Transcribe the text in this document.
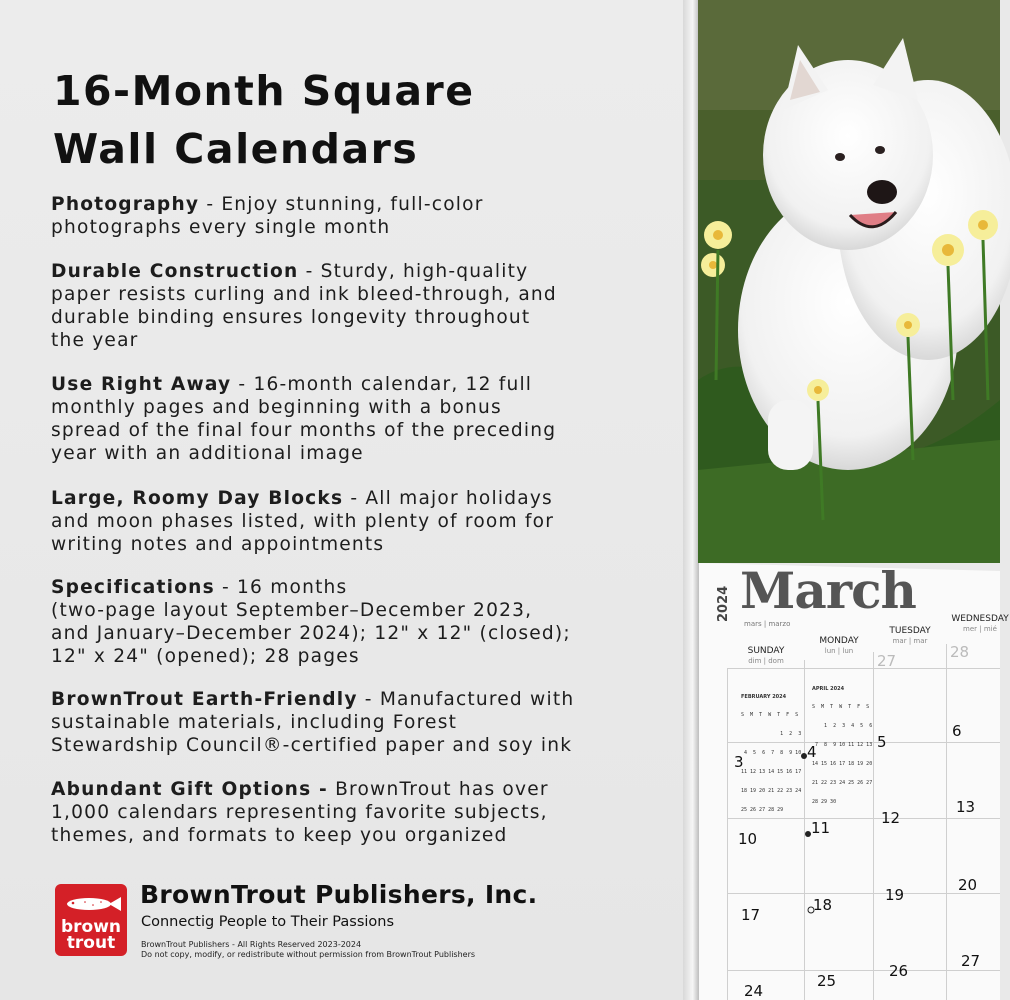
16-Month Square
Wall Calendars
Photography - Enjoy stunning, full-color
photographs every single month
Durable Construction - Sturdy, high-quality
paper resists curling and ink bleed-through, and
durable binding ensures longevity throughout
the year
Use Right Away - 16-month calendar, 12 full
monthly pages and beginning with a bonus
spread of the final four months of the preceding
year with an additional image
Large, Roomy Day Blocks - All major holidays
and moon phases listed, with plenty of room for
writing notes and appointments
Specifications - 16 months
(two-page layout September–December 2023,
and January–December 2024); 12" x 12" (closed);
12" x 24" (opened); 28 pages
BrownTrout Earth-Friendly - Manufactured with
sustainable materials, including Forest
Stewardship Council®-certified paper and soy ink
Abundant Gift Options - BrownTrout has over
1,000 calendars representing favorite subjects,
themes, and formats to keep you organized
brown
trout
BrownTrout Publishers, Inc.
Connectig People to Their Passions
BrownTrout Publishers - All Rights Reserved 2023-2024
Do not copy, modify, or redistribute without permission from BrownTrout Publishers
2024 March
mars | marzo
SUNDAY
dim | dom
MONDAY
lun | lun
TUESDAY
mar | mar
WEDNESDAY
mer | mié

FEBRUARY 2024

S  M  T  W  T  F  S

1  2  3

4  5  6  7  8  9 10

11 12 13 14 15 16 17

18 19 20 21 22 23 24

25 26 27 28 29

APRIL 2024

S  M  T  W  T  F  S

1  2  3  4  5  6

7  8  9 10 11 12 13

14 15 16 17 18 19 20

21 22 23 24 25 26 27

28 29 30

27	28
3
4
5
6
10
11
12
13
17
18
19
20
24
25
26
27
